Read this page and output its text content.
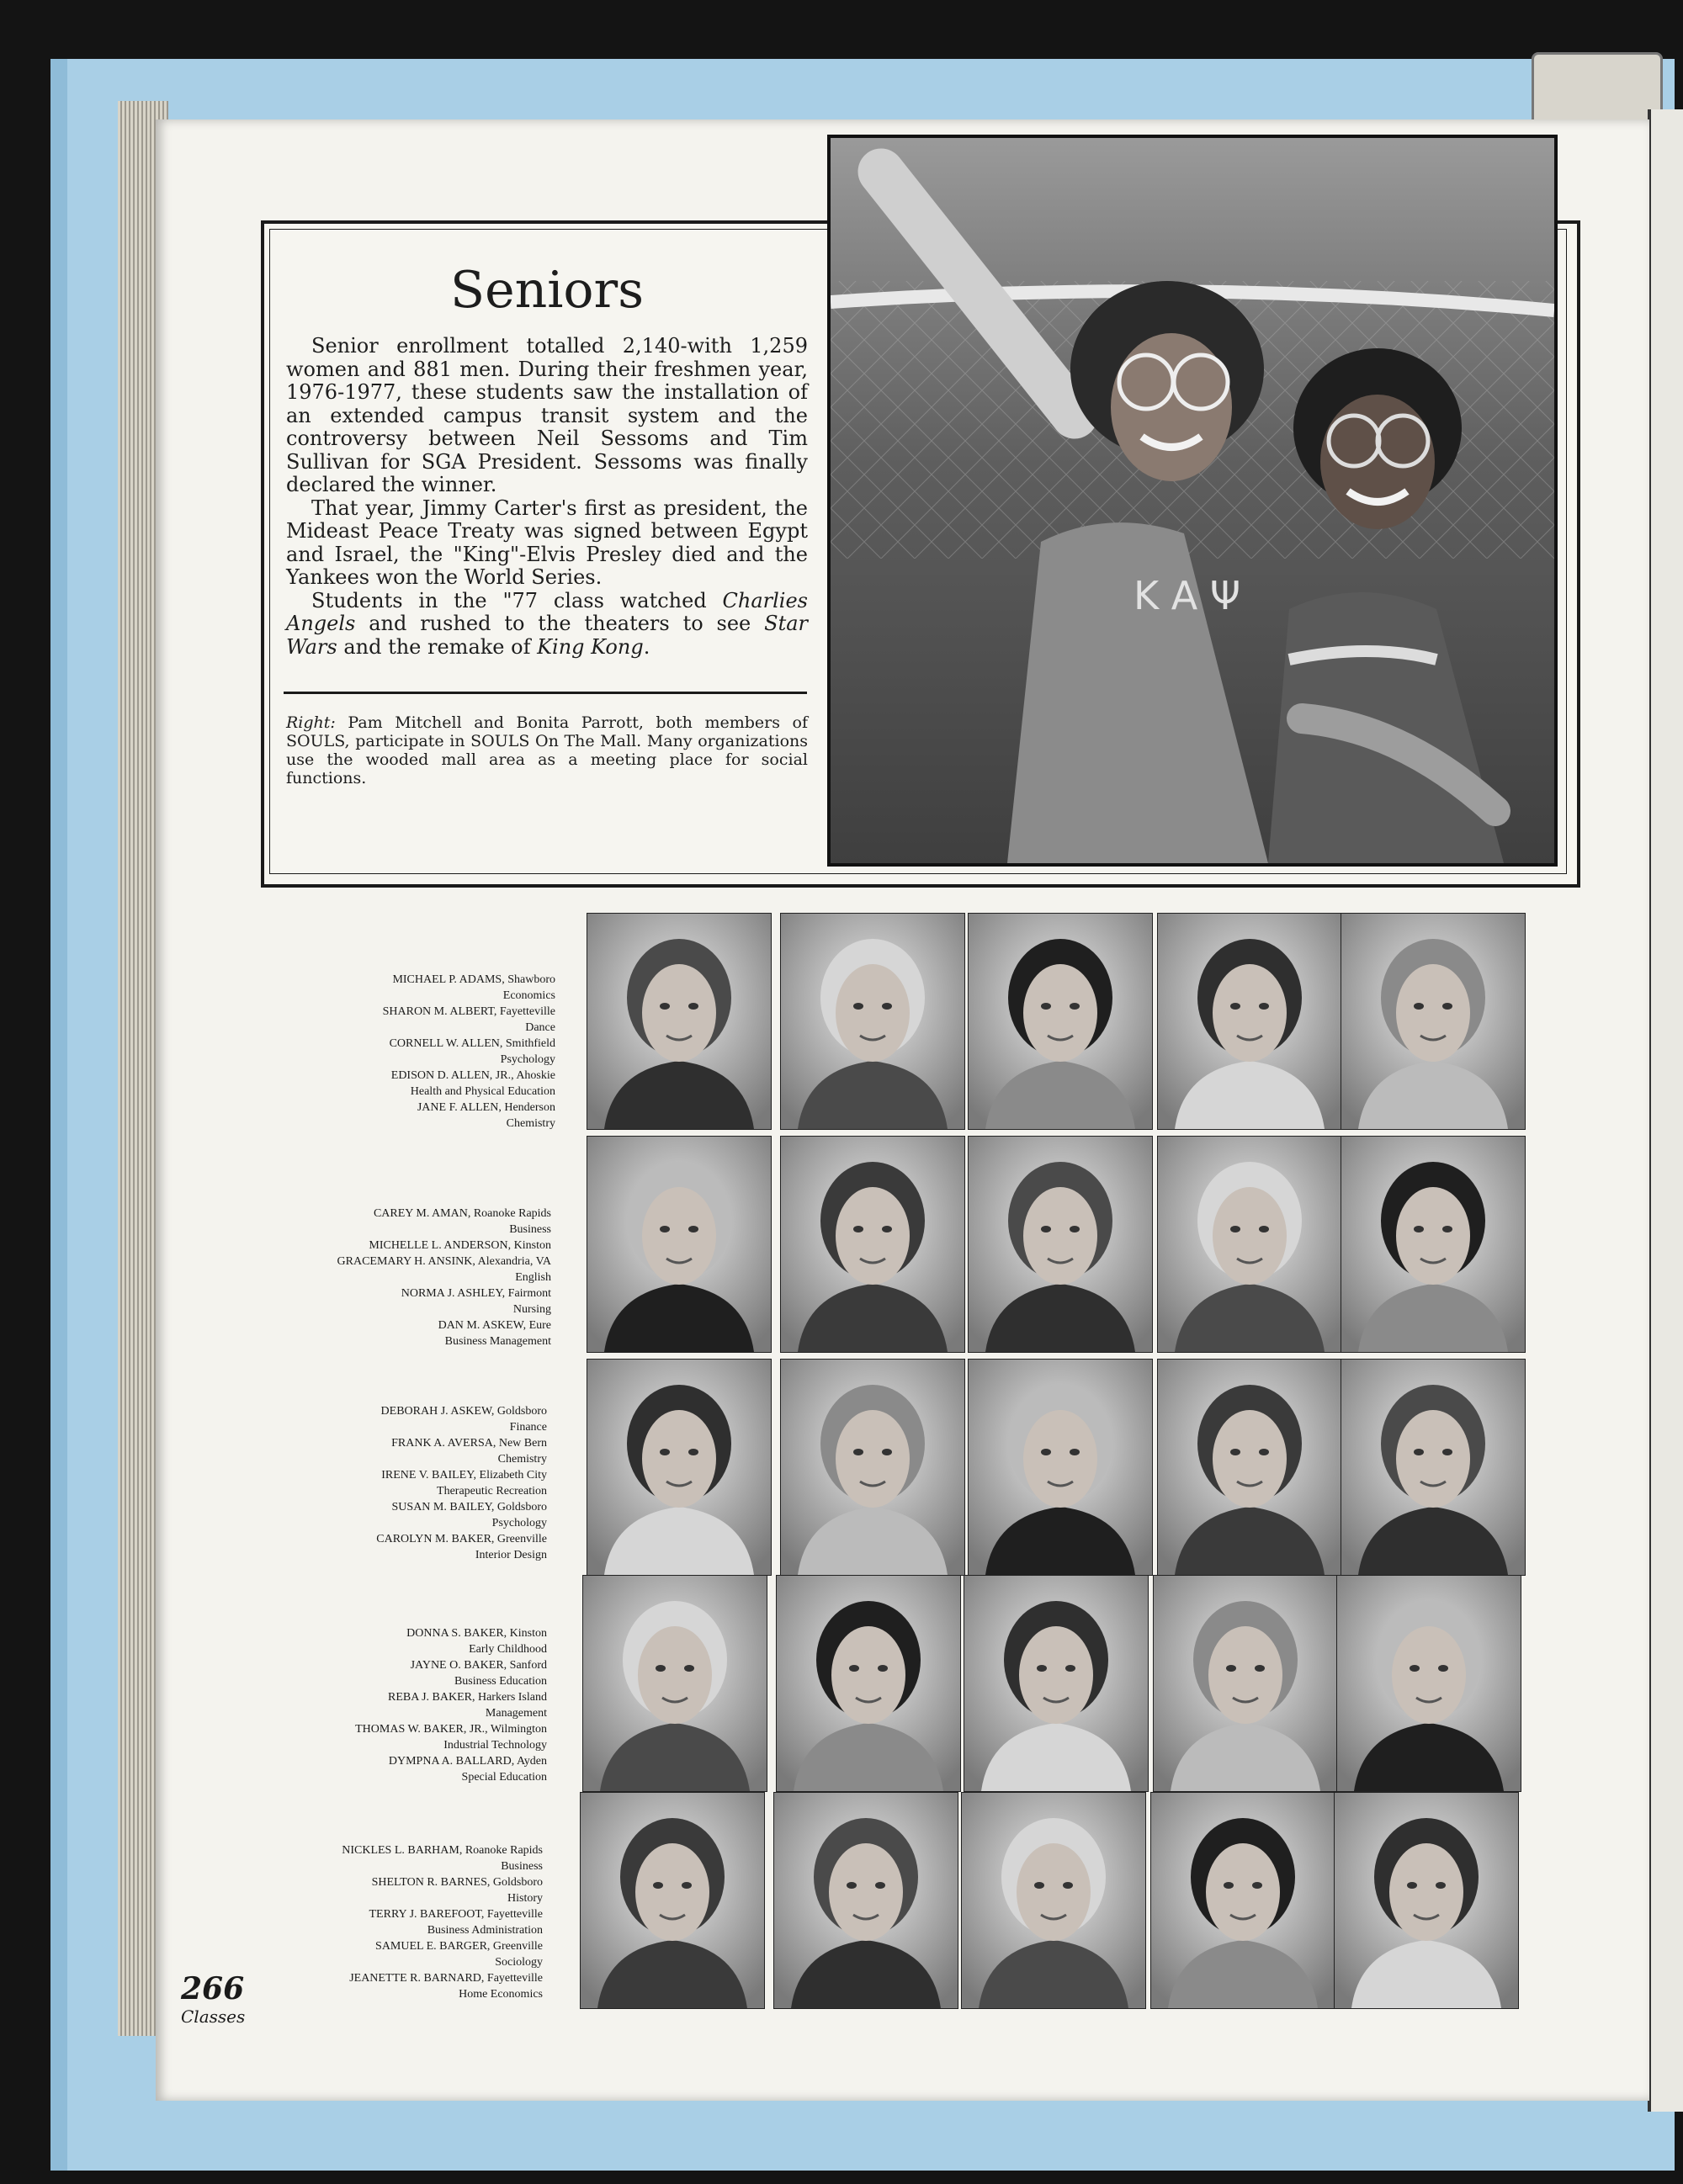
Seniors

Senior enrollment totalled 2,140-with 1,259 women and 881 men. During their freshmen year, 1976-1977, these students saw the installation of an extended campus transit system and the controversy between Neil Sessoms and Tim Sullivan for SGA President. Sessoms was finally declared the winner.

That year, Jimmy Carter's first as president, the Mideast Peace Treaty was signed between Egypt and Israel, the "King"-Elvis Presley died and the Yankees won the World Series.

Students in the "77 class watched Charlies Angels and rushed to the theaters to see Star Wars and the remake of King Kong.

Right: Pam Mitchell and Bonita Parrott, both members of SOULS, participate in SOULS On The Mall. Many organizations use the wooded mall area as a meeting place for social functions.

K A Ψ
MICHAEL P. ADAMS, Shawboro
Economics
SHARON M. ALBERT, Fayetteville
Dance
CORNELL W. ALLEN, Smithfield
Psychology
EDISON D. ALLEN, JR., Ahoskie
Health and Physical Education
JANE F. ALLEN, Henderson
Chemistry
CAREY M. AMAN, Roanoke Rapids
Business
MICHELLE L. ANDERSON, Kinston
GRACEMARY H. ANSINK, Alexandria, VA
English
NORMA J. ASHLEY, Fairmont
Nursing
DAN M. ASKEW, Eure
Business Management
DEBORAH J. ASKEW, Goldsboro
Finance
FRANK A. AVERSA, New Bern
Chemistry
IRENE V. BAILEY, Elizabeth City
Therapeutic Recreation
SUSAN M. BAILEY, Goldsboro
Psychology
CAROLYN M. BAKER, Greenville
Interior Design
DONNA S. BAKER, Kinston
Early Childhood
JAYNE O. BAKER, Sanford
Business Education
REBA J. BAKER, Harkers Island
Management
THOMAS W. BAKER, JR., Wilmington
Industrial Technology
DYMPNA A. BALLARD, Ayden
Special Education
NICKLES L. BARHAM, Roanoke Rapids
Business
SHELTON R. BARNES, Goldsboro
History
TERRY J. BAREFOOT, Fayetteville
Business Administration
SAMUEL E. BARGER, Greenville
Sociology
JEANETTE R. BARNARD, Fayetteville
Home Economics
266
Classes
